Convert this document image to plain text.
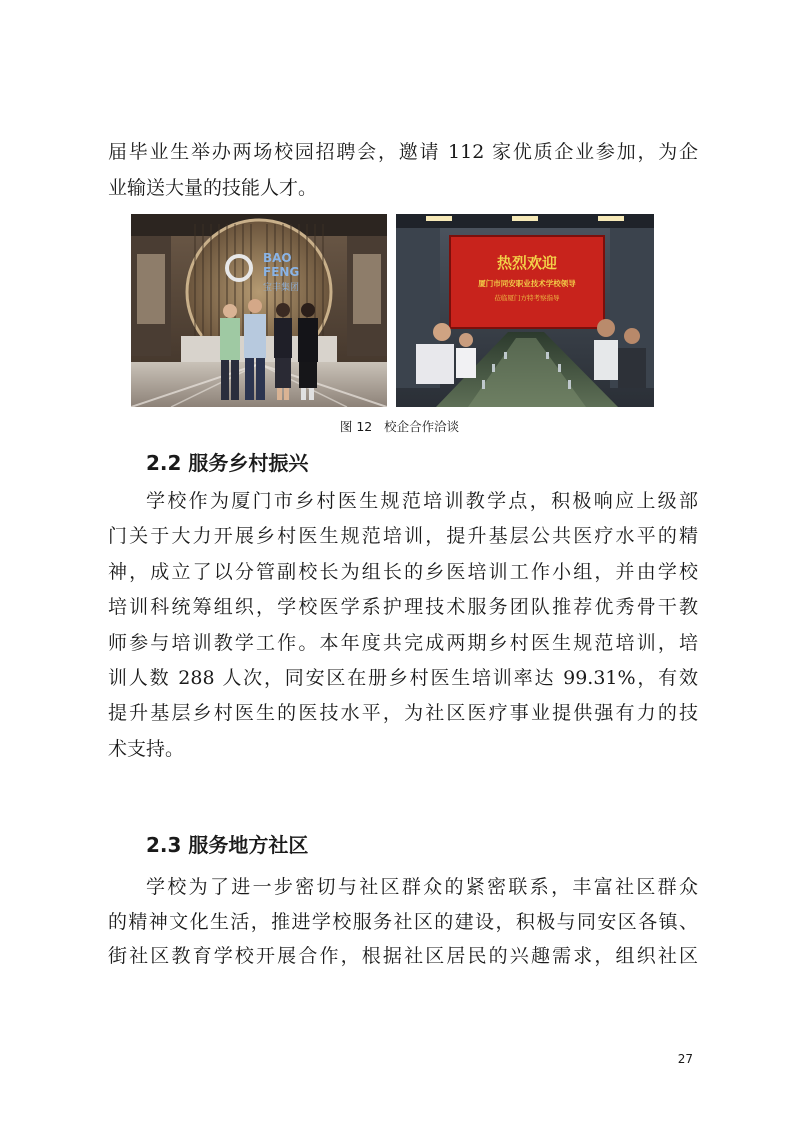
届毕业生举办两场校园招聘会，邀请 112 家优质企业参加，为企
业输送大量的技能人才。
BAO
FENG
宝丰集团
热烈欢迎
厦门市同安职业技术学校领导
莅临厦门方特考察指导
图 12   校企合作洽谈
2.2 服务乡村振兴
学校作为厦门市乡村医生规范培训教学点，积极响应上级部
门关于大力开展乡村医生规范培训，提升基层公共医疗水平的精
神，成立了以分管副校长为组长的乡医培训工作小组，并由学校
培训科统筹组织，学校医学系护理技术服务团队推荐优秀骨干教
师参与培训教学工作。本年度共完成两期乡村医生规范培训，培
训人数 288 人次，同安区在册乡村医生培训率达 99.31%，有效
提升基层乡村医生的医技水平，为社区医疗事业提供强有力的技
术支持。
2.3 服务地方社区
学校为了进一步密切与社区群众的紧密联系，丰富社区群众
的精神文化生活，推进学校服务社区的建设，积极与同安区各镇、
街社区教育学校开展合作，根据社区居民的兴趣需求，组织社区
27
